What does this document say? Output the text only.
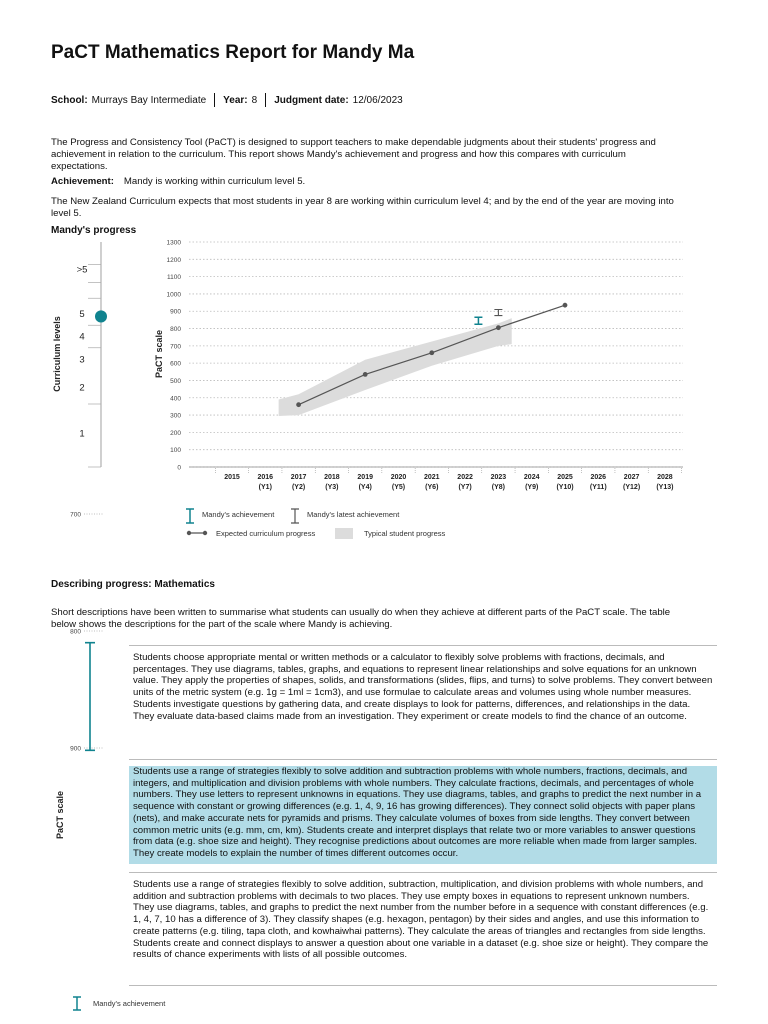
PaCT Mathematics Report for Mandy Ma
School: Murrays Bay Intermediate Year: 8 Judgment date: 12/06/2023
The Progress and Consistency Tool (PaCT) is designed to support teachers to make dependable judgments about their students' progress and achievement in relation to the curriculum. This report shows Mandy's achievement and progress and how this compares with curriculum expectations.
Achievement: Mandy is working within curriculum level 5.
The New Zealand Curriculum expects that most students in year 8 are working within curriculum level 4; and by the end of the year are moving into level 5.
Mandy's progress
>5
5
4
3
2
1
Curriculum levels
0
100
200
300
400
500
600
700
800
900
1000
1100
1200
1300
2015	2016
(Y1)
2017
(Y2)
2018
(Y3)
2019
(Y4)
2020
(Y5)
2021
(Y6)
2022
(Y7)
2023
(Y8)
2024
(Y9)
2025
(Y10)
2026
(Y11)
2027
(Y12)
2028
(Y13)
PaCT scale
Mandy's achievement	Mandy's latest achievement
Expected curriculum progress	Typical student progress
Describing progress: Mathematics
Short descriptions have been written to summarise what students can usually do when they achieve at different parts of the PaCT scale. The table below shows the descriptions for the part of the scale where Mandy is achieving.
Students choose appropriate mental or written methods or a calculator to flexibly solve problems with fractions, decimals, and percentages. They use diagrams, tables, graphs, and equations to represent linear relationships and solve equations for an unknown value. They apply the properties of shapes, solids, and transformations (slides, flips, and turns) to solve problems. They convert between units of the metric system (e.g. 1g = 1ml = 1cm3), and use formulae to calculate areas and volumes using whole number measures. Students investigate questions by gathering data, and create displays to look for patterns, differences, and relationships in the data. They evaluate data-based claims made from an investigation. They experiment or create models to find the chance of an outcome.
Students use a range of strategies flexibly to solve addition and subtraction problems with whole numbers, fractions, decimals, and integers, and multiplication and division problems with whole numbers. They calculate fractions, decimals, and percentages of whole numbers. They use letters to represent unknowns in equations. They use diagrams, tables, and graphs to predict the next number in a sequence with constant or growing differences (e.g. 1, 4, 9, 16 has growing differences). They connect solid objects with paper plans (nets), and make accurate nets for pyramids and prisms. They calculate volumes of boxes from side lengths. They convert between common metric units (e.g. mm, cm, km). Students create and interpret displays that relate two or more variables to answer questions from data (e.g. shoe size and height). They recognise predictions about outcomes are more reliable when made from larger samples. They create models to explain the number of times different outcomes occur.
Students use a range of strategies flexibly to solve addition, subtraction, multiplication, and division problems with whole numbers, and addition and subtraction problems with decimals to two places. They use empty boxes in equations to represent unknown numbers. They use diagrams, tables, and graphs to predict the next number from the number before in a sequence with constant differences (e.g. 1, 4, 7, 10 has a difference of 3). They classify shapes (e.g. hexagon, pentagon) by their sides and angles, and use this information to create patterns (e.g. tiling, tapa cloth, and kowhaiwhai patterns). They calculate the areas of triangles and rectangles from side lengths. Students create and connect displays to answer a question about one variable in a dataset (e.g. shoe size or height). They compare the results of chance experiments with lists of all possible outcomes.
900
800
700
PaCT scale
Mandy's achievement
